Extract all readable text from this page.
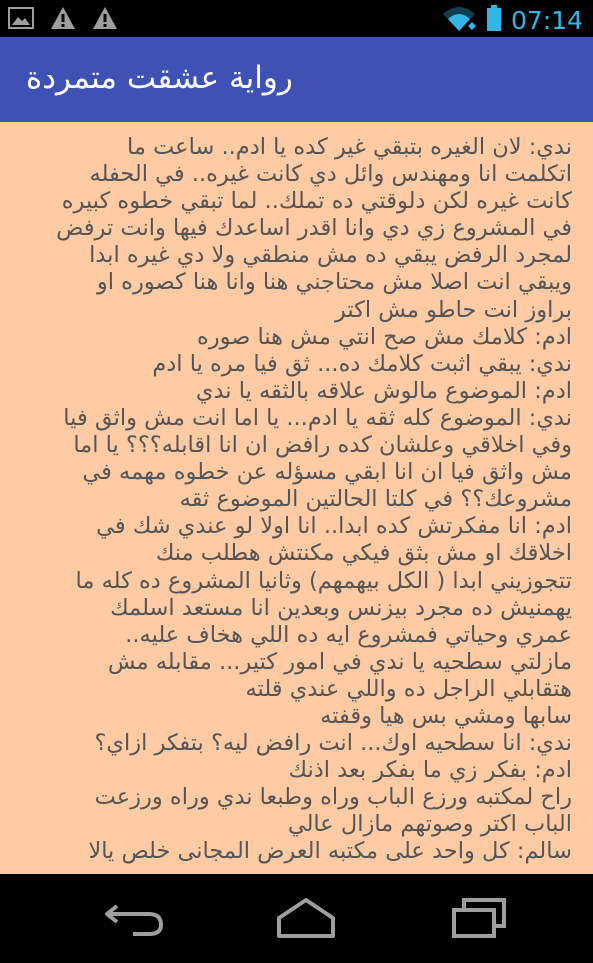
07:14
رواية عشقت متمردة
ندي: لان الغيره بتبقي غير كده يا ادم.. ساعت ما
اتكلمت انا ومهندس وائل دي كانت غيره.. في الحفله
كانت غيره لكن دلوقتي ده تملك.. لما تبقي خطوه كبيره
في المشروع زي دي وانا اقدر اساعدك فيها وانت ترفض
لمجرد الرفض يبقي ده مش منطقي ولا دي غيره ابدا
ويبقي انت اصلا مش محتاجني هنا وانا هنا كصوره او
براوز انت حاطو مش اكتر
ادم: كلامك مش صح انتي مش هنا صوره
ندي: يبقي اثبت كلامك ده... ثق فيا مره يا ادم
ادم: الموضوع مالوش علاقه بالثقه يا ندي
ندي: الموضوع كله ثقه يا ادم... يا اما انت مش واثق فيا
وفي اخلاقي وعلشان كده رافض ان انا اقابله؟؟؟ يا اما
مش واثق فيا ان انا ابقي مسؤله عن خطوه مهمه في
مشروعك؟؟ في كلتا الحالتين الموضوع ثقه
ادم: انا مفكرتش كده ابدا.. انا اولا لو عندي شك في
اخلاقك او مش بثق فيكي مكنتش هطلب منك
تتجوزيني ابدا ( الكل بيهمهم) وثانيا المشروع ده كله ما
يهمنيش ده مجرد بيزنس وبعدين انا مستعد اسلمك
عمري وحياتي فمشروع ايه ده اللي هخاف عليه..
مازلتي سطحيه يا ندي في امور كتير... مقابله مش
هتقابلي الراجل ده واللي عندي قلته
سابها ومشي بس هيا وقفته
ندي: انا سطحيه اوك... انت رافض ليه؟ بتفكر ازاي؟
ادم: بفكر زي ما بفكر بعد اذنك
راح لمكتبه ورزع الباب وراه وطبعا ندي وراه ورزعت
الباب اكتر وصوتهم مازال عالي
سالم: كل واحد على مكتبه العرض المجانى خلص يالا
